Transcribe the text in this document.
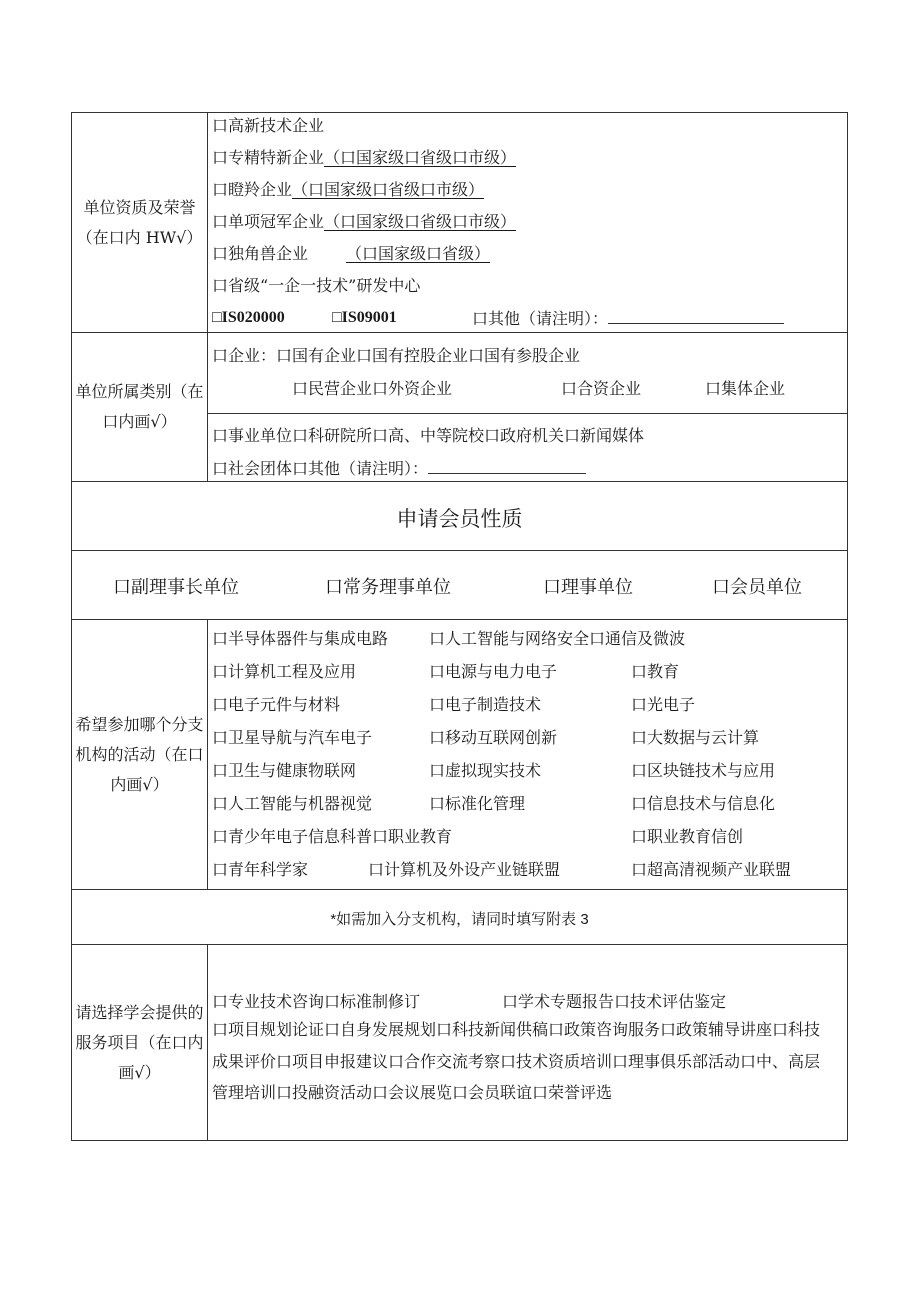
单位资质及荣誉（在口内 HW√）
口高新技术企业
口专精特新企业（口国家级口省级口市级）
口瞪羚企业（口国家级口省级口市级）
口单项冠军企业（口国家级口省级口市级）
口独角兽企业 （口国家级口省级）
口省级“一企一技术”研发中心
□IS020000	□IS09001	口其他（请注明）：
单位所属类别（在口内画√）
口企业：口国有企业口国有控股企业口国有参股企业
口民营企业口外资企业	口合资企业	口集体企业
口事业单位口科研院所口高、中等院校口政府机关口新闻媒体
口社会团体口其他（请注明）：
申请会员性质
口副理事长单位	口常务理事单位	口理事单位	口会员单位
希望参加哪个分支机构的活动（在口内画√）
口半导体器件与集成电路	口人工智能与网络安全口通信及微波
口计算机工程及应用	口电源与电力电子	口教育
口电子元件与材料	口电子制造技术	口光电子
口卫星导航与汽车电子	口移动互联网创新	口大数据与云计算
口卫生与健康物联网	口虚拟现实技术	口区块链技术与应用
口人工智能与机器视觉	口标准化管理	口信息技术与信息化
口青少年电子信息科普口职业教育	口职业教育信创
口青年科学家	口计算机及外设产业链联盟	口超高清视频产业联盟
*如需加入分支机构，请同时填写附表 3
请选择学会提供的服务项目（在口内画√）
口专业技术咨询口标准制修订	口学术专题报告口技术评估鉴定
口项目规划论证口自身发展规划口科技新闻供稿口政策咨询服务口政策辅导讲座口科技成果评价口项目申报建议口合作交流考察口技术资质培训口理事俱乐部活动口中、高层管理培训口投融资活动口会议展览口会员联谊口荣誉评选
